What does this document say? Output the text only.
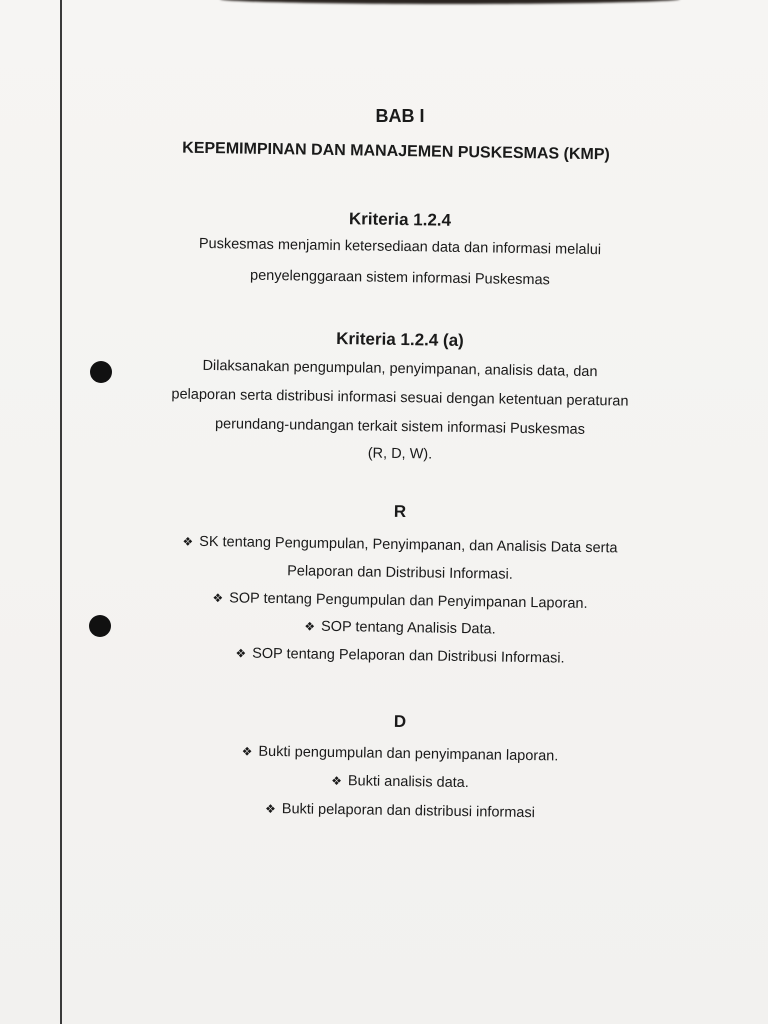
BAB I
KEPEMIMPINAN DAN MANAJEMEN PUSKESMAS (KMP)
Kriteria 1.2.4
Puskesmas menjamin ketersediaan data dan informasi melalui
penyelenggaraan sistem informasi Puskesmas
Kriteria 1.2.4 (a)
Dilaksanakan pengumpulan, penyimpanan, analisis data, dan
pelaporan serta distribusi informasi sesuai dengan ketentuan peraturan
perundang-undangan terkait sistem informasi Puskesmas
(R, D, W).
R
❖ SK tentang Pengumpulan, Penyimpanan, dan Analisis Data serta
Pelaporan dan Distribusi Informasi.
❖ SOP tentang Pengumpulan dan Penyimpanan Laporan.
❖ SOP tentang Analisis Data.
❖ SOP tentang Pelaporan dan Distribusi Informasi.
D
❖ Bukti pengumpulan dan penyimpanan laporan.
❖ Bukti analisis data.
❖ Bukti pelaporan dan distribusi informasi
